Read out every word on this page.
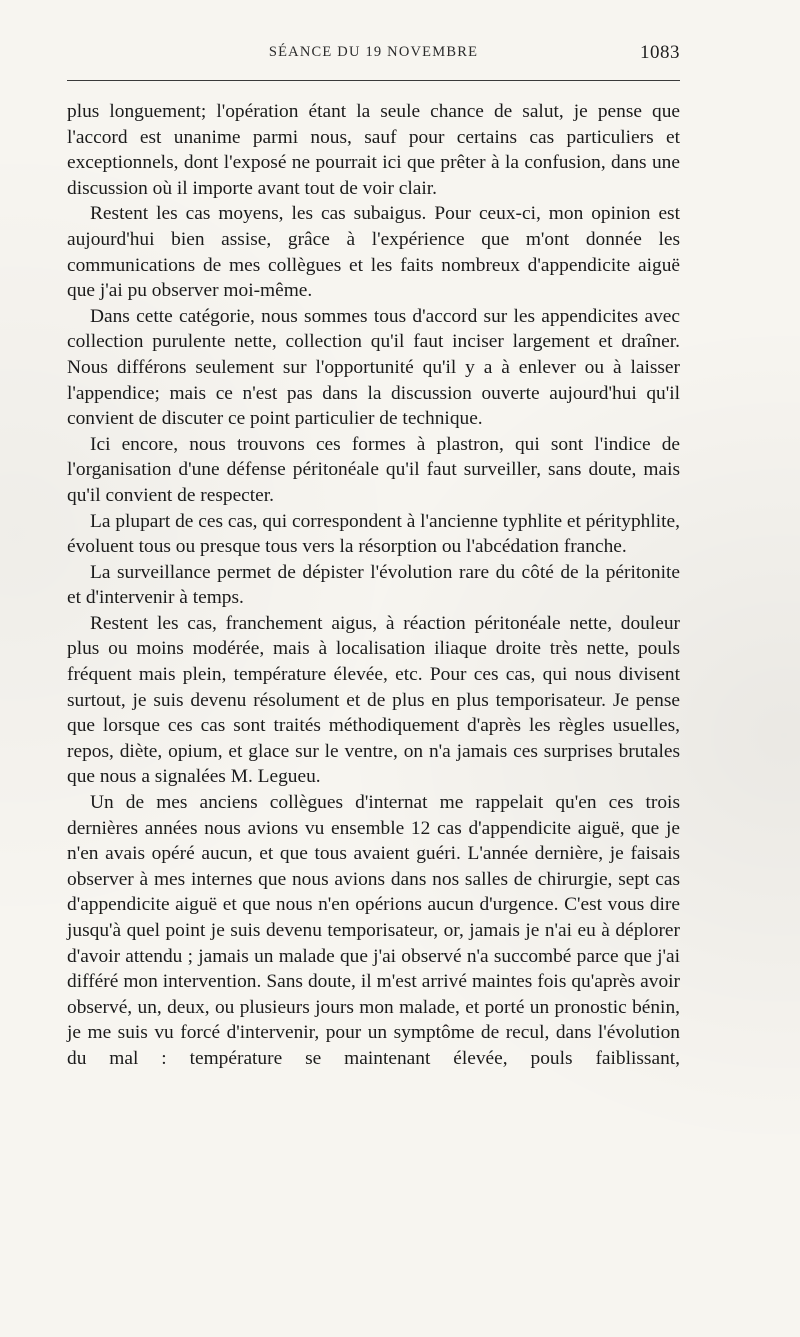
SÉANCE DU 19 NOVEMBRE	1083

plus longuement; l'opération étant la seule chance de salut, je pense que l'accord est unanime parmi nous, sauf pour certains cas particuliers et exceptionnels, dont l'exposé ne pourrait ici que prêter à la confusion, dans une discussion où il importe avant tout de voir clair.

Restent les cas moyens, les cas subaigus. Pour ceux-ci, mon opinion est aujourd'hui bien assise, grâce à l'expérience que m'ont donnée les communications de mes collègues et les faits nombreux d'appendicite aiguë que j'ai pu observer moi-même.

Dans cette catégorie, nous sommes tous d'accord sur les appendicites avec collection purulente nette, collection qu'il faut inciser largement et draîner. Nous différons seulement sur l'opportunité qu'il y a à enlever ou à laisser l'appendice; mais ce n'est pas dans la discussion ouverte aujourd'hui qu'il convient de discuter ce point particulier de technique.

Ici encore, nous trouvons ces formes à plastron, qui sont l'indice de l'organisation d'une défense péritonéale qu'il faut surveiller, sans doute, mais qu'il convient de respecter.

La plupart de ces cas, qui correspondent à l'ancienne typhlite et pérityphlite, évoluent tous ou presque tous vers la résorption ou l'abcédation franche.

La surveillance permet de dépister l'évolution rare du côté de la péritonite et d'intervenir à temps.

Restent les cas, franchement aigus, à réaction péritonéale nette, douleur plus ou moins modérée, mais à localisation iliaque droite très nette, pouls fréquent mais plein, température élevée, etc. Pour ces cas, qui nous divisent surtout, je suis devenu résolument et de plus en plus temporisateur. Je pense que lorsque ces cas sont traités méthodiquement d'après les règles usuelles, repos, diète, opium, et glace sur le ventre, on n'a jamais ces surprises brutales que nous a signalées M. Legueu.

Un de mes anciens collègues d'internat me rappelait qu'en ces trois dernières années nous avions vu ensemble 12 cas d'appendicite aiguë, que je n'en avais opéré aucun, et que tous avaient guéri. L'année dernière, je faisais observer à mes internes que nous avions dans nos salles de chirurgie, sept cas d'appendicite aiguë et que nous n'en opérions aucun d'urgence. C'est vous dire jusqu'à quel point je suis devenu temporisateur, or, jamais je n'ai eu à déplorer d'avoir attendu ; jamais un malade que j'ai observé n'a succombé parce que j'ai différé mon intervention. Sans doute, il m'est arrivé maintes fois qu'après avoir observé, un, deux, ou plusieurs jours mon malade, et porté un pronostic bénin, je me suis vu forcé d'intervenir, pour un symptôme de recul, dans l'évolution du mal : température se maintenant élevée, pouls faiblissant,
